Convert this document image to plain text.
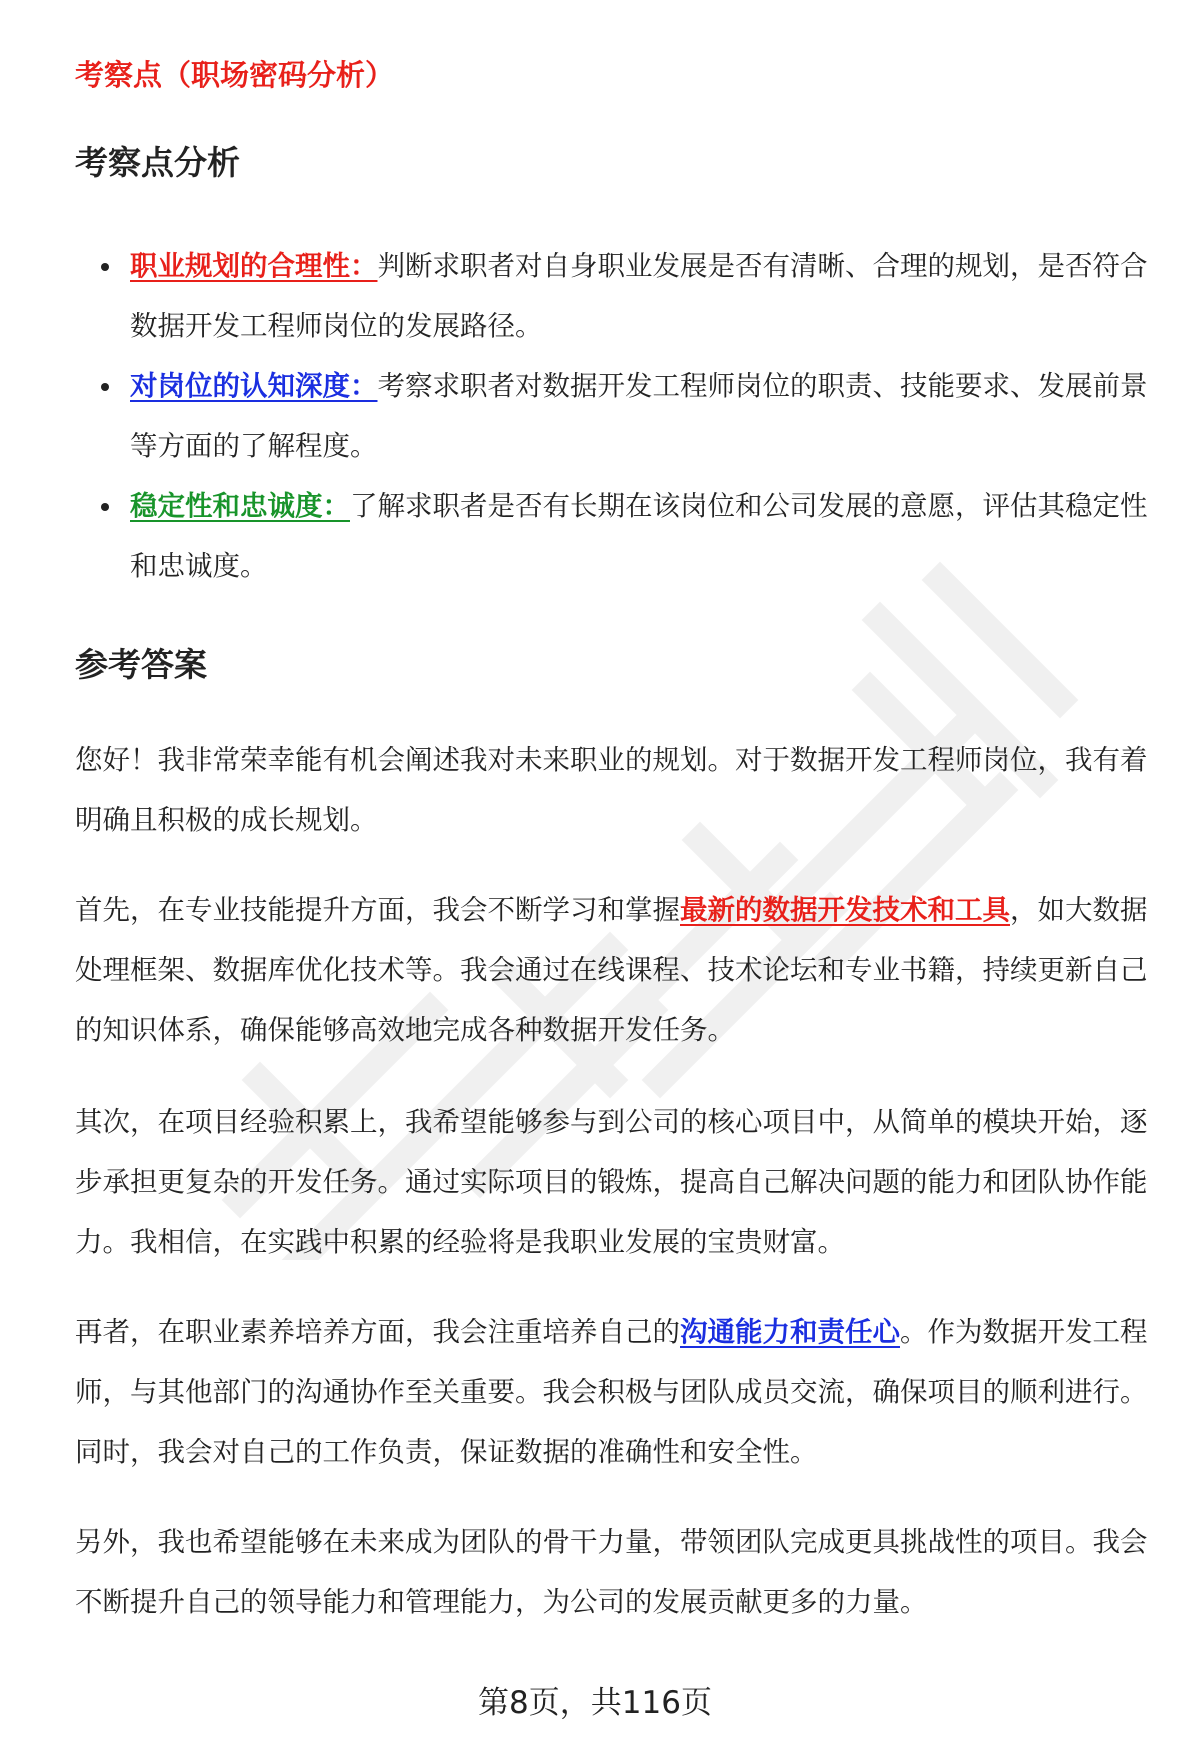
考察点（职场密码分析）
考察点分析
职业规划的合理性：判断求职者对自身职业发展是否有清晰、合理的规划，是否符合数据开发工程师岗位的发展路径。
对岗位的认知深度：考察求职者对数据开发工程师岗位的职责、技能要求、发展前景等方面的了解程度。
稳定性和忠诚度：了解求职者是否有长期在该岗位和公司发展的意愿，评估其稳定性和忠诚度。
参考答案

您好！我非常荣幸能有机会阐述我对未来职业的规划。对于数据开发工程师岗位，我有着明确且积极的成长规划。

首先，在专业技能提升方面，我会不断学习和掌握最新的数据开发技术和工具，如大数据处理框架、数据库优化技术等。我会通过在线课程、技术论坛和专业书籍，持续更新自己的知识体系，确保能够高效地完成各种数据开发任务。

其次，在项目经验积累上，我希望能够参与到公司的核心项目中，从简单的模块开始，逐步承担更复杂的开发任务。通过实际项目的锻炼，提高自己解决问题的能力和团队协作能力。我相信，在实践中积累的经验将是我职业发展的宝贵财富。

再者，在职业素养培养方面，我会注重培养自己的沟通能力和责任心。作为数据开发工程师，与其他部门的沟通协作至关重要。我会积极与团队成员交流，确保项目的顺利进行。同时，我会对自己的工作负责，保证数据的准确性和安全性。

另外，我也希望能够在未来成为团队的骨干力量，带领团队完成更具挑战性的项目。我会不断提升自己的领导能力和管理能力，为公司的发展贡献更多的力量。

第8页，共116页
